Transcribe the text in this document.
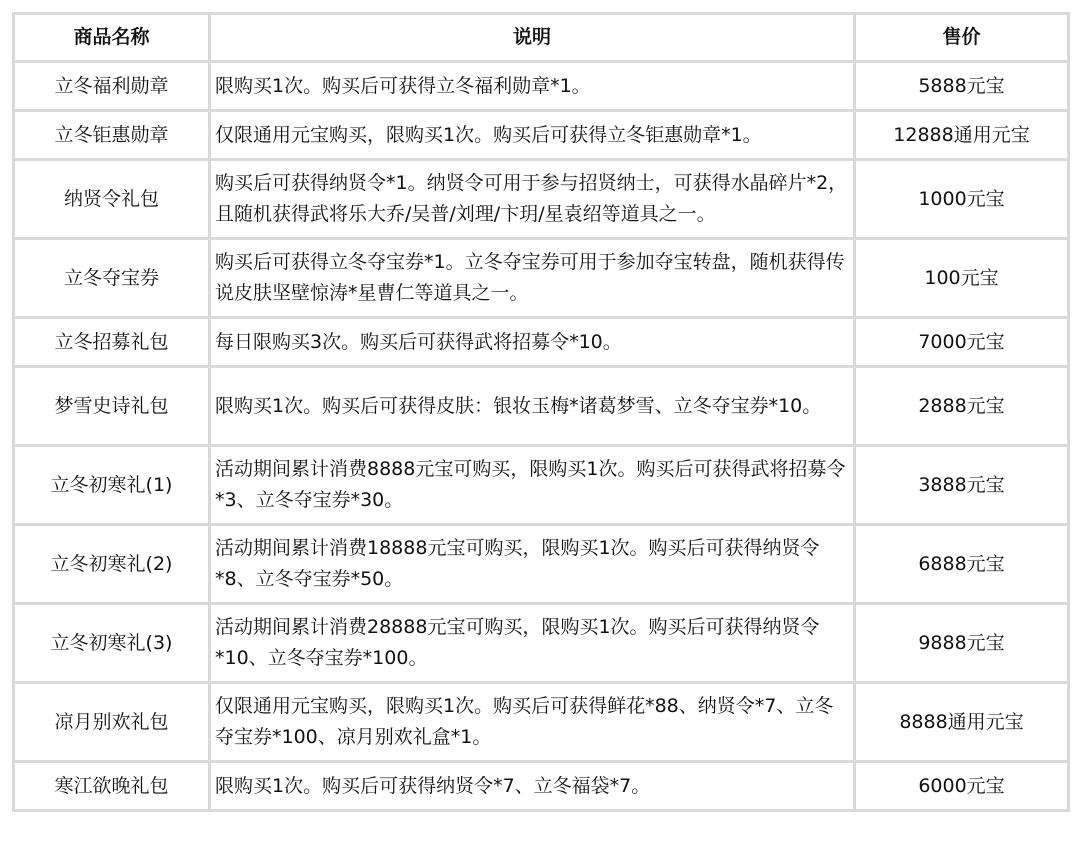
商品名称	说明	售价
立冬福利勋章	限购买1次。购买后可获得立冬福利勋章*1。	5888元宝
立冬钜惠勋章	仅限通用元宝购买，限购买1次。购买后可获得立冬钜惠勋章*1。	12888通用元宝
纳贤令礼包	购买后可获得纳贤令*1。纳贤令可用于参与招贤纳士，可获得水晶碎片*2，且随机获得武将乐大乔/吴普/刘理/卞玥/星袁绍等道具之一。	1000元宝
立冬夺宝券	购买后可获得立冬夺宝券*1。立冬夺宝券可用于参加夺宝转盘，随机获得传说皮肤坚壁惊涛*星曹仁等道具之一。	100元宝
立冬招募礼包	每日限购买3次。购买后可获得武将招募令*10。	7000元宝
梦雪史诗礼包	限购买1次。购买后可获得皮肤：银妆玉梅*诸葛梦雪、立冬夺宝券*10。	2888元宝
立冬初寒礼(1)	活动期间累计消费8888元宝可购买，限购买1次。购买后可获得武将招募令*3、立冬夺宝券*30。	3888元宝
立冬初寒礼(2)	活动期间累计消费18888元宝可购买，限购买1次。购买后可获得纳贤令*8、立冬夺宝券*50。	6888元宝
立冬初寒礼(3)	活动期间累计消费28888元宝可购买，限购买1次。购买后可获得纳贤令*10、立冬夺宝券*100。	9888元宝
凉月别欢礼包	仅限通用元宝购买，限购买1次。购买后可获得鲜花*88、纳贤令*7、立冬夺宝券*100、凉月别欢礼盒*1。	8888通用元宝
寒江欲晚礼包	限购买1次。购买后可获得纳贤令*7、立冬福袋*7。	6000元宝
